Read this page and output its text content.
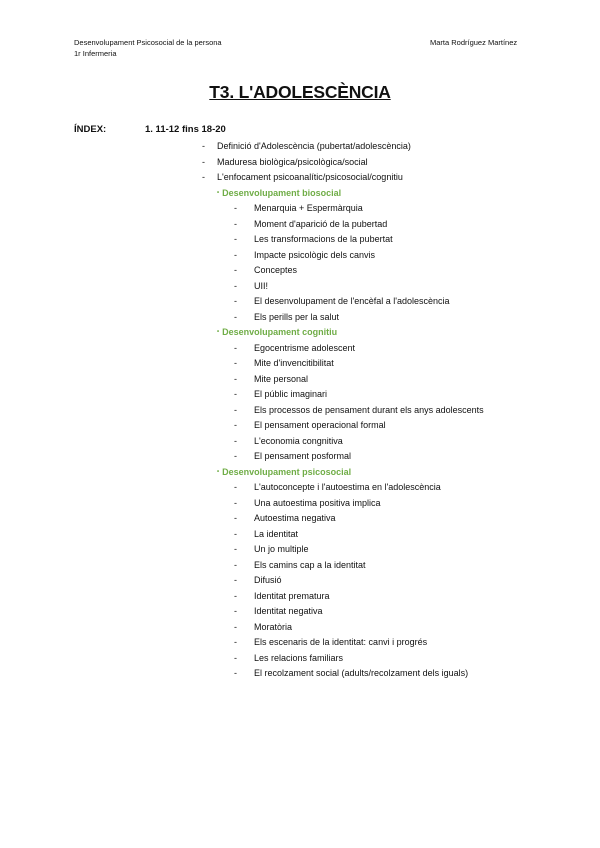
Desenvolupament Psicosocial de la persona
1r Infermeria
Marta Rodríguez Martínez
T3. L'ADOLESCÈNCIA
ÍNDEX:	1. 11-12 fins 18-20
- Definició d'Adolescència (pubertat/adolescència)
- Maduresa biològica/psicològica/social
- L'enfocament psicoanalític/psicosocial/cognitiu
• Desenvolupament biosocial
- Menarquia + Espermàrquia
- Moment d'aparició de la pubertad
- Les transformacions de la pubertat
- Impacte psicològic dels canvis
- Conceptes
- UII!
- El desenvolupament de l'encèfal a l'adolescència
- Els perills per la salut
• Desenvolupament cognitiu
- Egocentrisme adolescent
- Mite d'invencitibilitat
- Mite personal
- El públic imaginari
- Els processos de pensament durant els anys adolescents
- El pensament operacional formal
- L'economia congnitiva
- El pensament posformal
• Desenvolupament psicosocial
- L'autoconcepte i l'autoestima en l'adolescència
- Una autoestima positiva implica
- Autoestima negativa
- La identitat
- Un jo multiple
- Els camins cap a la identitat
- Difusió
- Identitat prematura
- Identitat negativa
- Moratòria
- Els escenaris de la identitat: canvi i progrés
- Les relacions familiars
- El recolzament social (adults/recolzament dels iguals)
